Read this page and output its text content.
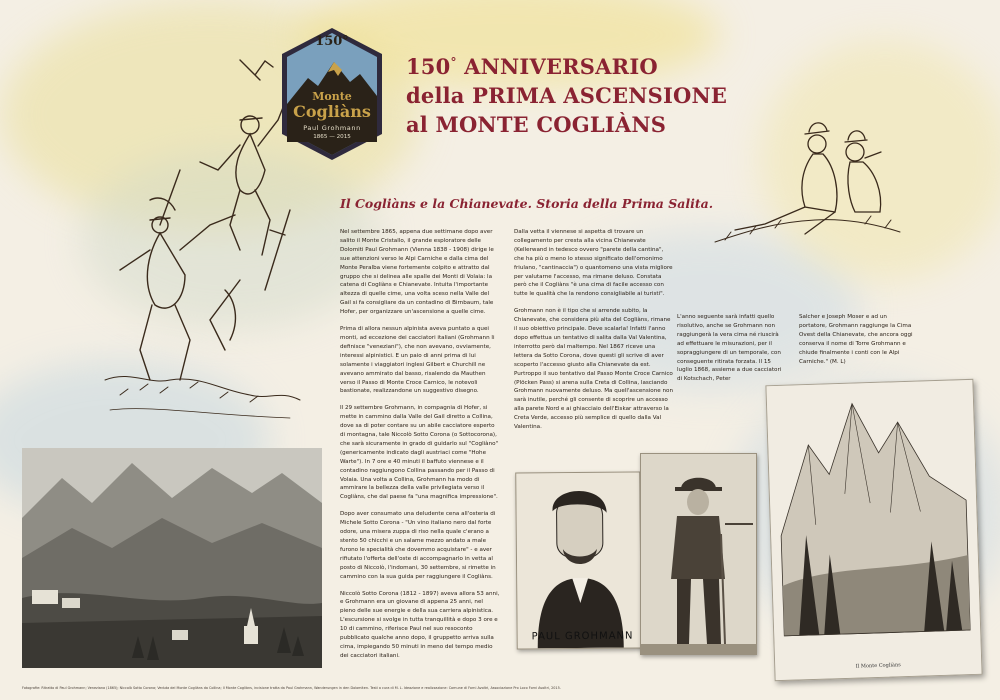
150°
Monte
Cogliàns
Paul Grohmann
1865 — 2015
150° ANNIVERSARIO
della PRIMA ASCENSIONE
al MONTE COGLIÀNS
Il Cogliàns e la Chianevate. Storia della Prima Salita.

Nel settembre 1865, appena due settimane dopo aver salito il Monte Cristallo, il grande esploratore delle Dolomiti Paul Grohmann (Vienna 1838 - 1908) dirige le sue attenzioni verso le Alpi Carniche e dalla cima del Monte Peralba viene fortemente colpito e attratto dal gruppo che si delinea alle spalle dei Monti di Volaia: la catena di Cogliàns e Chianevate. Intuita l'importante altezza di quelle cime, una volta sceso nella Valle del Gail si fa consigliare da un contadino di Birnbaum, tale Hofer, per organizzare un'ascensione a quelle cime.

Prima di allora nessun alpinista aveva puntato a quei monti, ad eccezione dei cacciatori italiani (Grohmann li definisce "veneziani"), che non avevano, ovviamente, interessi alpinistici. E un paio di anni prima di lui solamente i viaggiatori inglesi Gilbert e Churchill ne avevano ammirato dal basso, risalendo da Mauthen verso il Passo di Monte Croce Carnico, le notevoli bastionate, realizzandone un suggestivo disegno.

Il 29 settembre Grohmann, in compagnia di Hofer, si mette in cammino dalla Valle del Gail diretto a Collina, dove sa di poter contare su un abile cacciatore esperto di montagna, tale Niccolò Sotto Corona (o Sottocorona), che sarà sicuramente in grado di guidarlo sul "Cogliàno" (genericamente indicato dagli austriaci come "Hohe Warte"). In 7 ore e 40 minuti il baffuto viennese e il contadino raggiungono Collina passando per il Passo di Volaia. Una volta a Collina, Grohmann ha modo di ammirare la bellezza della valle privilegiata verso il Cogliàns, che dal paese fa "una magnifica impressione".

Dopo aver consumato una deludente cena all'osteria di Michele Sotto Corona - "Un vino italiano nero dal forte odore, una misera zuppa di riso nella quale c'erano a stento 50 chicchi e un salame mezzo andato a male furono le specialità che dovemmo acquistare" - e aver rifiutato l'offerta dell'oste di accompagnarlo in vetta al posto di Niccolò, l'indomani, 30 settembre, si rimette in cammino con la sua guida per raggiungere il Cogliàns.

Niccolò Sotto Corona (1812 - 1897) aveva allora 53 anni, e Grohmann era un giovane di appena 25 anni, nel pieno delle sue energie e della sua carriera alpinistica. L'escursione si svolge in tutta tranquillità e dopo 3 ore e 10 di cammino, riferisce Paul nel suo resoconto pubblicato qualche anno dopo, il gruppetto arriva sulla cima, impiegando 50 minuti in meno del tempo medio dei cacciatori italiani.

Dalla vetta il viennese si aspetta di trovare un collegamento per cresta alla vicina Chianevate (Kellerwand in tedesco ovvero "parete della cantina", che ha più o meno lo stesso significato dell'omonimo friulano, "cantinaccia") o quantomeno una vista migliore per valutarne l'accesso, ma rimane deluso. Constata però che il Cogliàns "è una cima di facile accesso con tutte le qualità che la rendono consigliabile ai turisti".

Grohmann non è il tipo che si arrende subito, la Chianevate, che considera più alta del Cogliàns, rimane il suo obiettivo principale. Deve scalarla! Infatti l'anno dopo effettua un tentativo di salita dalla Val Valentina, interrotto però dal maltempo. Nel 1867 riceve una lettera da Sotto Corona, dove questi gli scrive di aver scoperto l'accesso giusto alla Chianevate da est. Purtroppo il suo tentativo dal Passo Monte Croce Carnico (Plöcken Pass) si arena sulla Creta di Collina, lasciando Grohmann nuovamente deluso. Ma quell'ascensione non sarà inutile, perché gli consente di scoprire un accesso alla parete Nord e ai ghiacciaio dell'Eiskar attraverso la Creta Verde, accesso più semplice di quello dalla Val Valentina.

L'anno seguente sarà infatti quello risolutivo, anche se Grohmann non raggiungerà la vera cima né riuscirà ad effettuare le misurazioni, per il sopraggiungere di un temporale, con conseguente ritirata forzata. Il 15 luglio 1868, assieme a due cacciatori di Kotschach, Peter

Salcher e Joseph Moser e ad un portatore, Grohmann raggiunge la Cima Ovest della Chianevate, che ancora oggi conserva il nome di Torre Grohmann e chiude finalmente i conti con le Alpi Carniche." (M. L)

PAUL GROHMANN
Il Monte Cogliàns
Fotografie: Ritratto di Paul Grohmann; Veneziana (1865); Niccolò Sotto Corona; Veduta del Monte Cogliàns da Collina; Il Monte Cogliàns, incisione tratta da Paul Grohmann, Wanderungen in den Dolomiten. Testi a cura di M. L. Ideazione e realizzazione: Comune di Forni Avoltri, Associazione Pro Loco Forni Avoltri, 2015.
